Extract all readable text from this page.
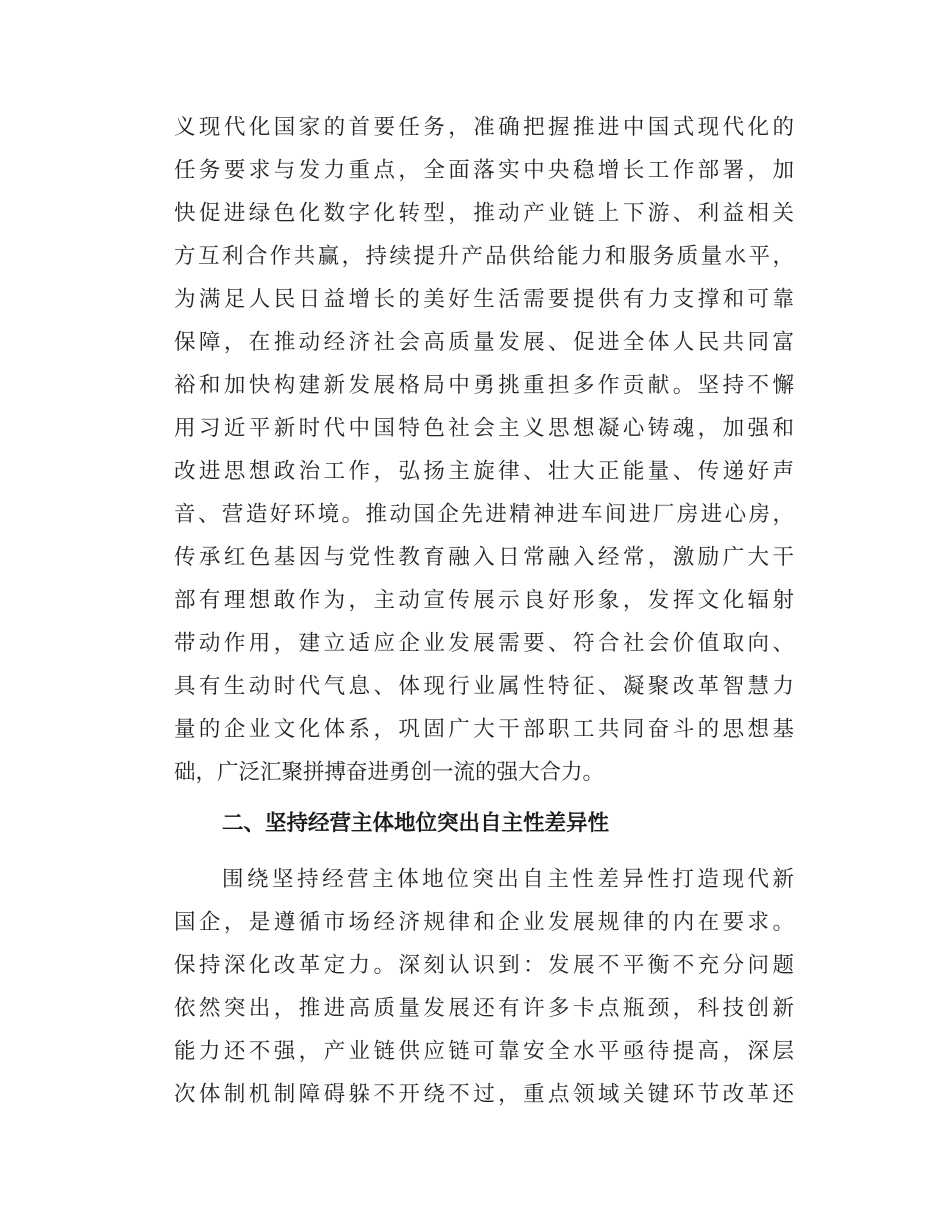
义现代化国家的首要任务，准确把握推进中国式现代化的
任务要求与发力重点，全面落实中央稳增长工作部署，加
快促进绿色化数字化转型，推动产业链上下游、利益相关
方互利合作共赢，持续提升产品供给能力和服务质量水平，
为满足人民日益增长的美好生活需要提供有力支撑和可靠
保障，在推动经济社会高质量发展、促进全体人民共同富
裕和加快构建新发展格局中勇挑重担多作贡献。坚持不懈
用习近平新时代中国特色社会主义思想凝心铸魂，加强和
改进思想政治工作，弘扬主旋律、壮大正能量、传递好声
音、营造好环境。推动国企先进精神进车间进厂房进心房，
传承红色基因与党性教育融入日常融入经常，激励广大干
部有理想敢作为，主动宣传展示良好形象，发挥文化辐射
带动作用，建立适应企业发展需要、符合社会价值取向、
具有生动时代气息、体现行业属性特征、凝聚改革智慧力
量的企业文化体系，巩固广大干部职工共同奋斗的思想基
础，广泛汇聚拼搏奋进勇创一流的强大合力。
二、坚持经营主体地位突出自主性差异性
围绕坚持经营主体地位突出自主性差异性打造现代新
国企，是遵循市场经济规律和企业发展规律的内在要求。
保持深化改革定力。深刻认识到：发展不平衡不充分问题
依然突出，推进高质量发展还有许多卡点瓶颈，科技创新
能力还不强，产业链供应链可靠安全水平亟待提高，深层
次体制机制障碍躲不开绕不过，重点领域关键环节改革还
